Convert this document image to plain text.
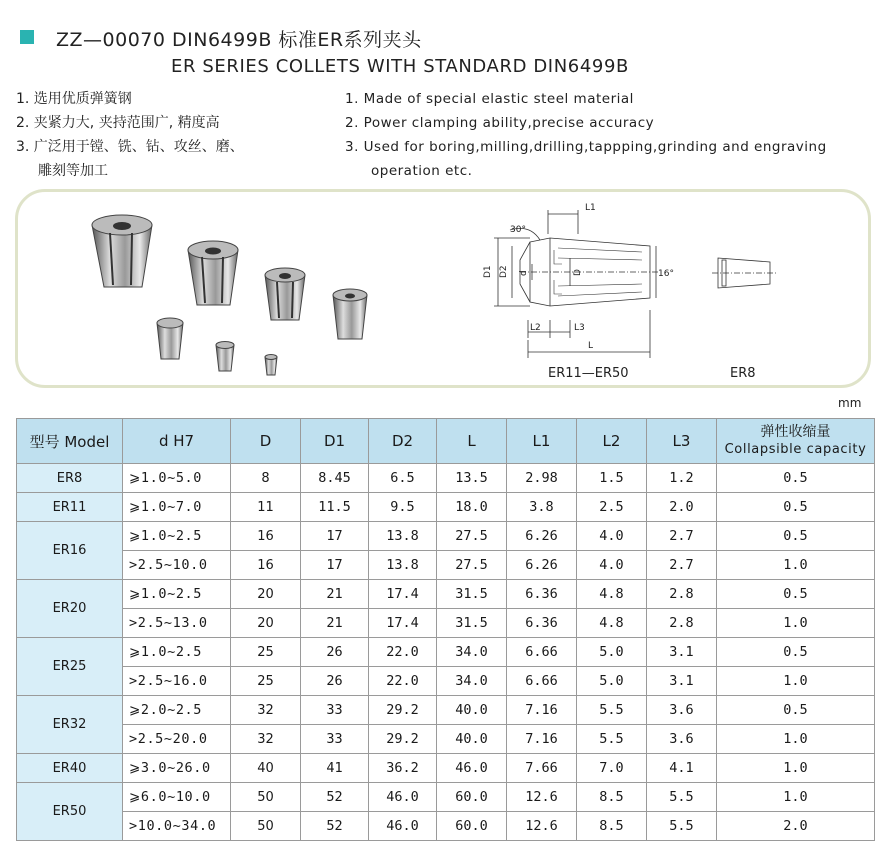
ZZ—00070 DIN6499B 标准ER系列夹头
ER SERIES COLLETS WITH STANDARD DIN6499B
1. 选用优质弹簧钢
2. 夹紧力大, 夹持范围广, 精度高
3. 广泛用于镗、铣、钻、攻丝、磨、
雕刻等加工
1. Made of special elastic steel material
2. Power clamping ability,precise accuracy
3. Used for boring,milling,drilling,tappping,grinding and engraving
operation etc.
D1 D2 d	D
30°
16°
L1
L2	L3
L
ER11—ER50	ER8
mm
型号 Model	d H7	D	D1	D2	L	L1	L2	L3	弹性收缩量
Collapsible capacity

ER8	⩾1.0~5.0	8	8.45	6.5	13.5	2.98	1.5	1.2	0.5
ER11	⩾1.0~7.0	11	11.5	9.5	18.0	3.8	2.5	2.0	0.5
ER16	⩾1.0~2.5	16	17	13.8	27.5	6.26	4.0	2.7	0.5
	>2.5~10.0	16	17	13.8	27.5	6.26	4.0	2.7	1.0
ER20	⩾1.0~2.5	20	21	17.4	31.5	6.36	4.8	2.8	0.5
	>2.5~13.0	20	21	17.4	31.5	6.36	4.8	2.8	1.0
ER25	⩾1.0~2.5	25	26	22.0	34.0	6.66	5.0	3.1	0.5
	>2.5~16.0	25	26	22.0	34.0	6.66	5.0	3.1	1.0
ER32	⩾2.0~2.5	32	33	29.2	40.0	7.16	5.5	3.6	0.5
	>2.5~20.0	32	33	29.2	40.0	7.16	5.5	3.6	1.0
ER40	⩾3.0~26.0	40	41	36.2	46.0	7.66	7.0	4.1	1.0
ER50	⩾6.0~10.0	50	52	46.0	60.0	12.6	8.5	5.5	1.0
	>10.0~34.0	50	52	46.0	60.0	12.6	8.5	5.5	2.0
